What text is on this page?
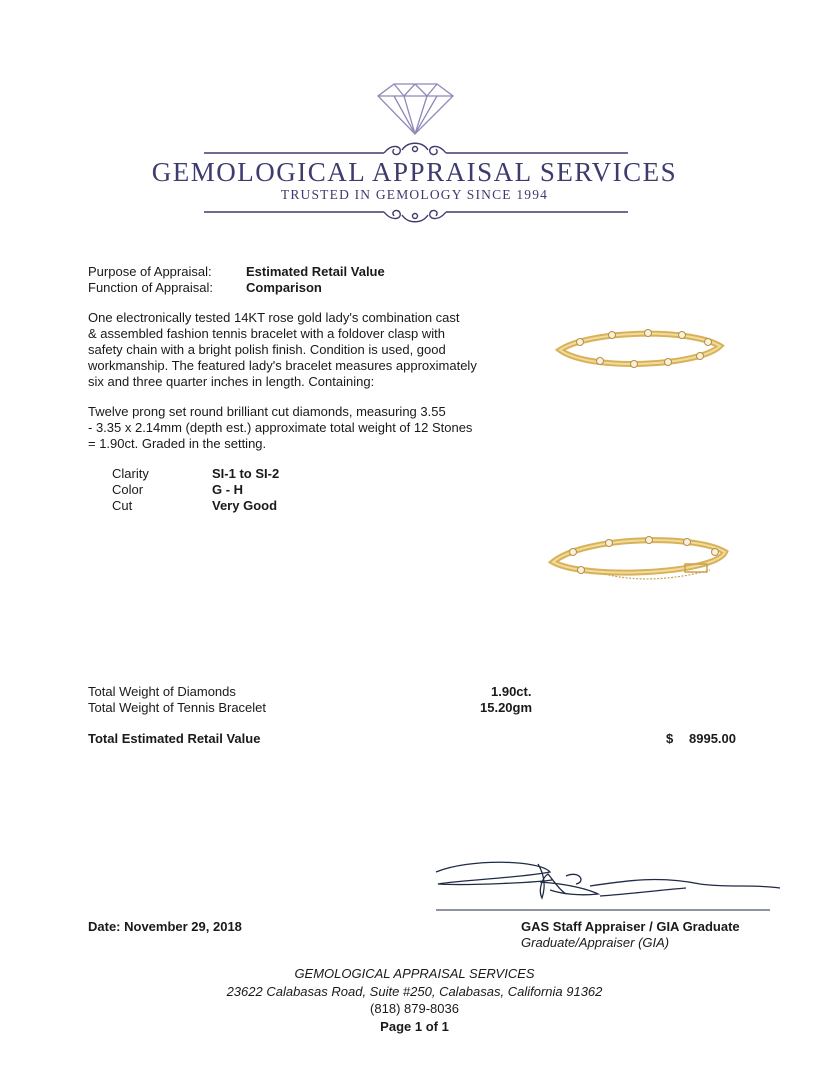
GEMOLOGICAL APPRAISAL SERVICES
TRUSTED IN GEMOLOGY SINCE 1994
Purpose of Appraisal:	Estimated Retail Value
Function of Appraisal:	Comparison
One electronically tested 14KT rose gold lady's combination cast
& assembled fashion tennis bracelet with a foldover clasp with
safety chain with a bright polish finish. Condition is used, good
workmanship. The featured lady's bracelet measures approximately
six and three quarter inches in length. Containing:
Twelve prong set round brilliant cut diamonds, measuring 3.55
- 3.35 x 2.14mm (depth est.) approximate total weight of 12 Stones
= 1.90ct. Graded in the setting.
Clarity	SI-1 to SI-2
Color	G - H
Cut	Very Good
Total Weight of Diamonds	1.90ct.
Total Weight of Tennis Bracelet	15.20gm
Total Estimated Retail Value	$ 8995.00
Date: November 29, 2018	GAS Staff Appraiser / GIA Graduate
Graduate/Appraiser (GIA)
GEMOLOGICAL APPRAISAL SERVICES
23622 Calabasas Road, Suite #250, Calabasas, California 91362
(818) 879-8036
Page 1 of 1
